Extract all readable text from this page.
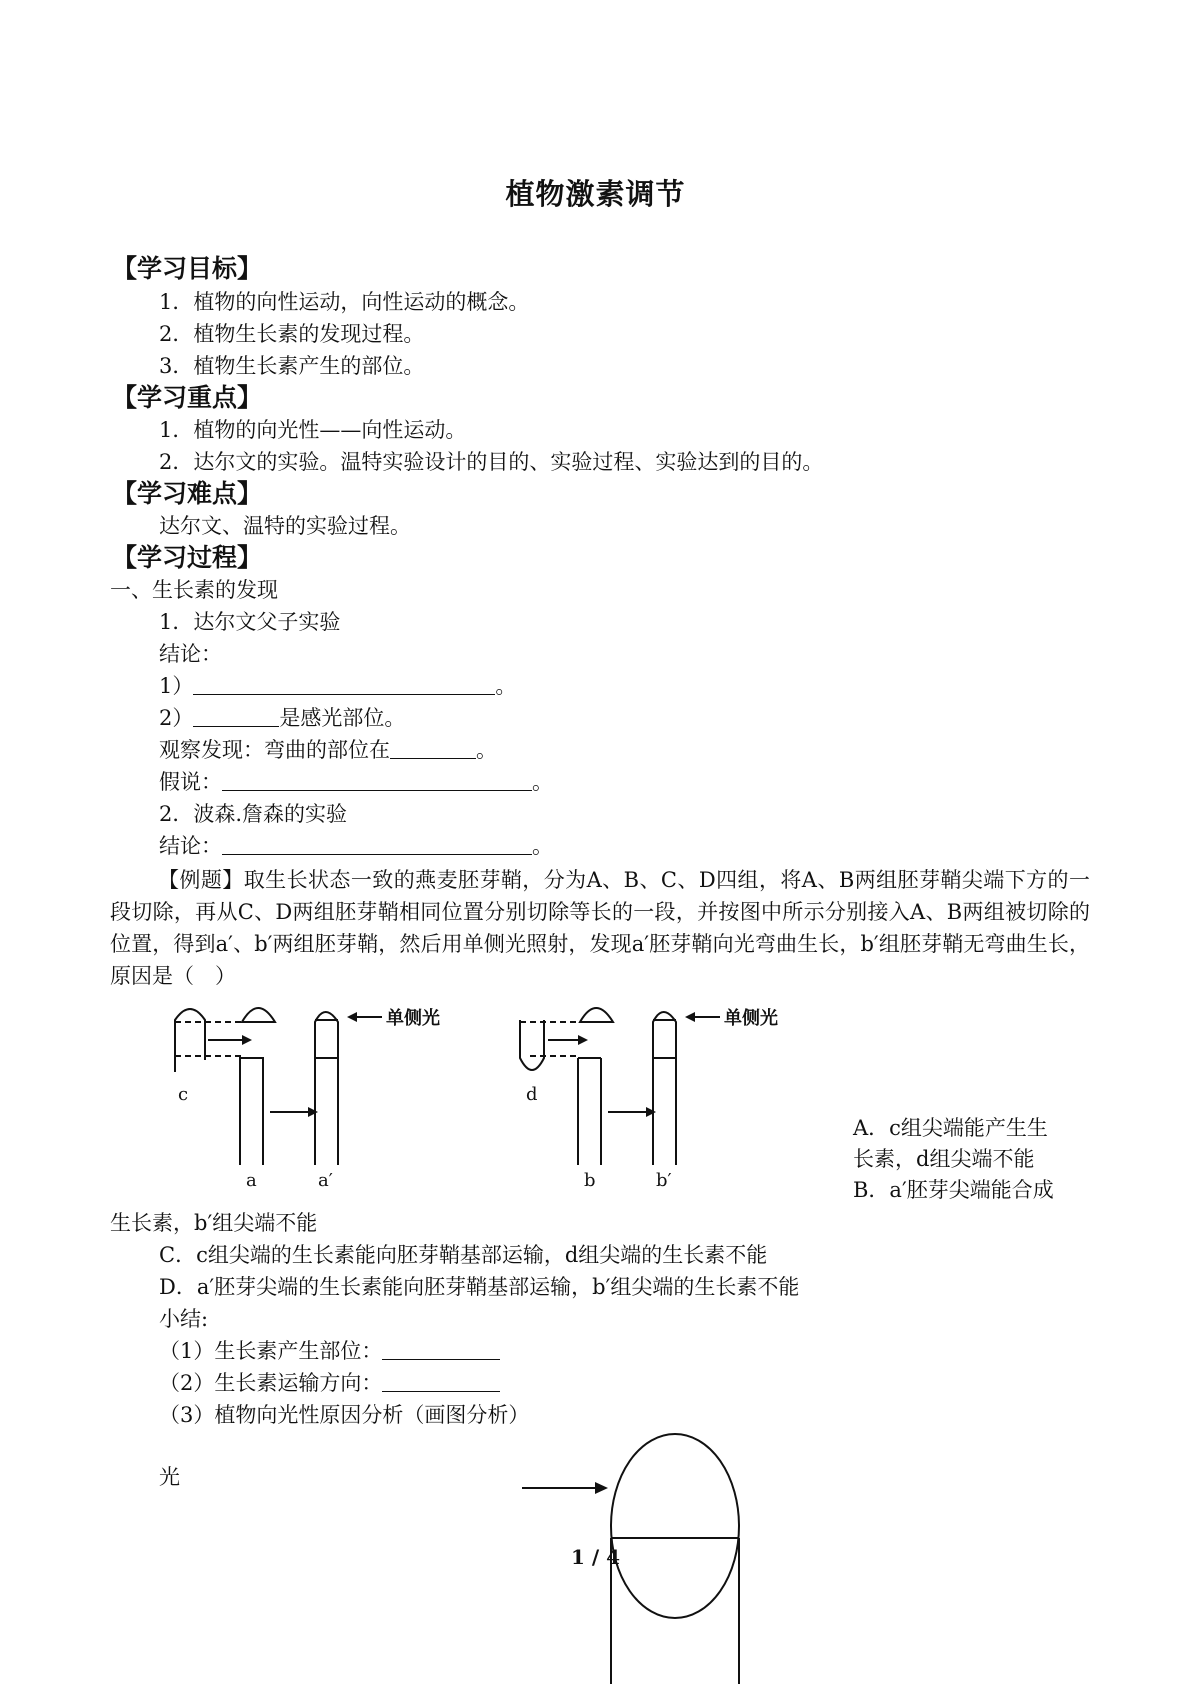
植物激素调节
【学习目标】
1．植物的向性运动，向性运动的概念。
2．植物生长素的发现过程。
3．植物生长素产生的部位。
【学习重点】
1．植物的向光性——向性运动。
2．达尔文的实验。温特实验设计的目的、实验过程、实验达到的目的。
【学习难点】
达尔文、温特的实验过程。
【学习过程】
一、生长素的发现
1．达尔文父子实验
结论：
1）	。
2）	是感光部位。
观察发现：弯曲的部位在	。
假说：	。
2．波森.詹森的实验
结论：	。
【例题】取生长状态一致的燕麦胚芽鞘，分为A、B、C、D四组，将A、B两组胚芽鞘尖端下方的一段切除，再从C、D两组胚芽鞘相同位置分别切除等长的一段，并按图中所示分别接入A、B两组被切除的位置，得到a′、b′两组胚芽鞘，然后用单侧光照射，发现a′胚芽鞘向光弯曲生长，b′组胚芽鞘无弯曲生长，原因是（　）
单侧光
c
a	a′
单侧光
d
b	b′
A．c组尖端能产生生
长素，d组尖端不能
B．a′胚芽尖端能合成
生长素，b′组尖端不能
C．c组尖端的生长素能向胚芽鞘基部运输，d组尖端的生长素不能
D．a′胚芽尖端的生长素能向胚芽鞘基部运输，b′组尖端的生长素不能
小结:
（1）生长素产生部位：
（2）生长素运输方向：
（3）植物向光性原因分析（画图分析）
光
1 / 4
